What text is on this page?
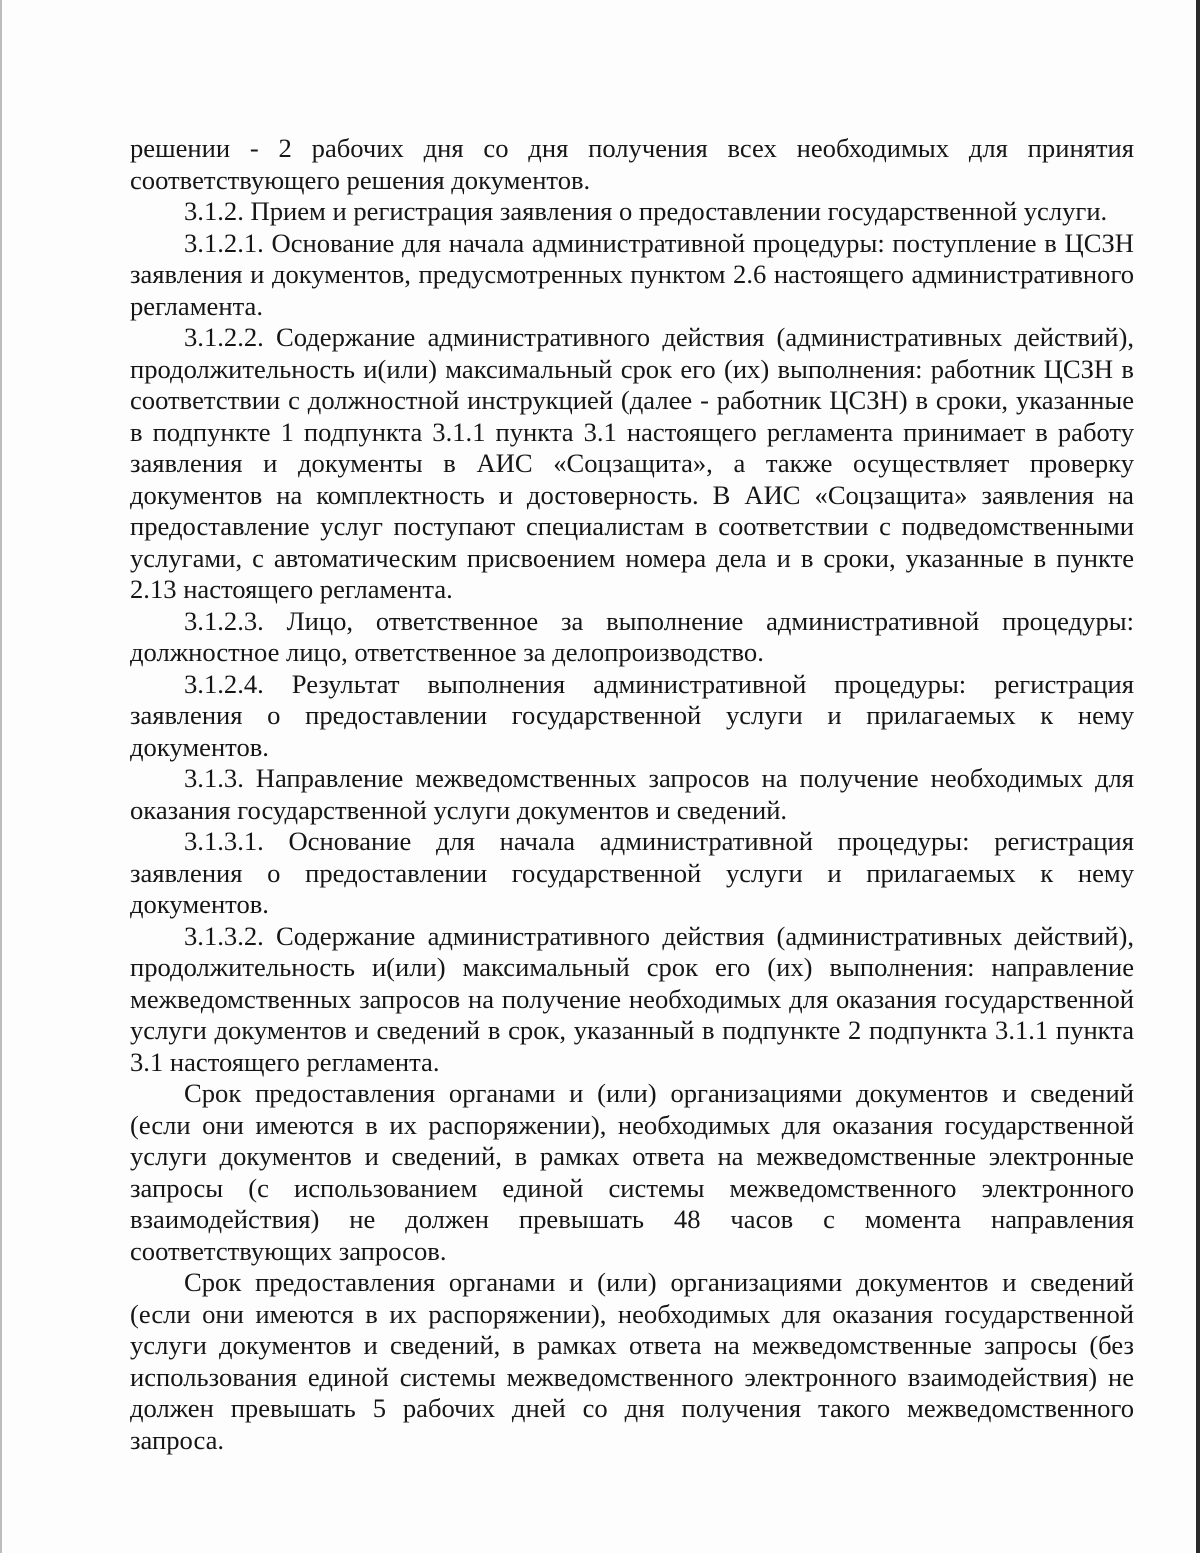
решении - 2 рабочих дня со дня получения всех необходимых для принятия соответствующего решения документов.

3.1.2. Прием и регистрация заявления о предоставлении государственной услуги.

3.1.2.1. Основание для начала административной процедуры: поступление в ЦСЗН заявления и документов, предусмотренных пунктом 2.6 настоящего административного регламента.

3.1.2.2. Содержание административного действия (административных действий), продолжительность и(или) максимальный срок его (их) выполнения: работник ЦСЗН в соответствии с должностной инструкцией (далее - работник ЦСЗН) в сроки, указанные в подпункте 1 подпункта 3.1.1 пункта 3.1 настоящего регламента принимает в работу заявления и документы в АИС «Соцзащита», а также осуществляет проверку документов на комплектность и достоверность. В АИС «Соцзащита» заявления на предоставление услуг поступают специалистам в соответствии с подведомственными услугами, с автоматическим присвоением номера дела и в сроки, указанные в пункте 2.13 настоящего регламента.

3.1.2.3. Лицо, ответственное за выполнение административной процедуры: должностное лицо, ответственное за делопроизводство.

3.1.2.4. Результат выполнения административной процедуры: регистрация заявления о предоставлении государственной услуги и прилагаемых к нему документов.

3.1.3. Направление межведомственных запросов на получение необходимых для оказания государственной услуги документов и сведений.

3.1.3.1. Основание для начала административной процедуры: регистрация заявления о предоставлении государственной услуги и прилагаемых к нему документов.

3.1.3.2. Содержание административного действия (административных действий), продолжительность и(или) максимальный срок его (их) выполнения: направление межведомственных запросов на получение необходимых для оказания государственной услуги документов и сведений в срок, указанный в подпункте 2 подпункта 3.1.1 пункта 3.1 настоящего регламента.

Срок предоставления органами и (или) организациями документов и сведений (если они имеются в их распоряжении), необходимых для оказания государственной услуги документов и сведений, в рамках ответа на межведомственные электронные запросы (с использованием единой системы межведомственного электронного взаимодействия) не должен превышать 48 часов с момента направления соответствующих запросов.

Срок предоставления органами и (или) организациями документов и сведений (если они имеются в их распоряжении), необходимых для оказания государственной услуги документов и сведений, в рамках ответа на межведомственные запросы (без использования единой системы межведомственного электронного взаимодействия) не должен превышать 5 рабочих дней со дня получения такого межведомственного запроса.
